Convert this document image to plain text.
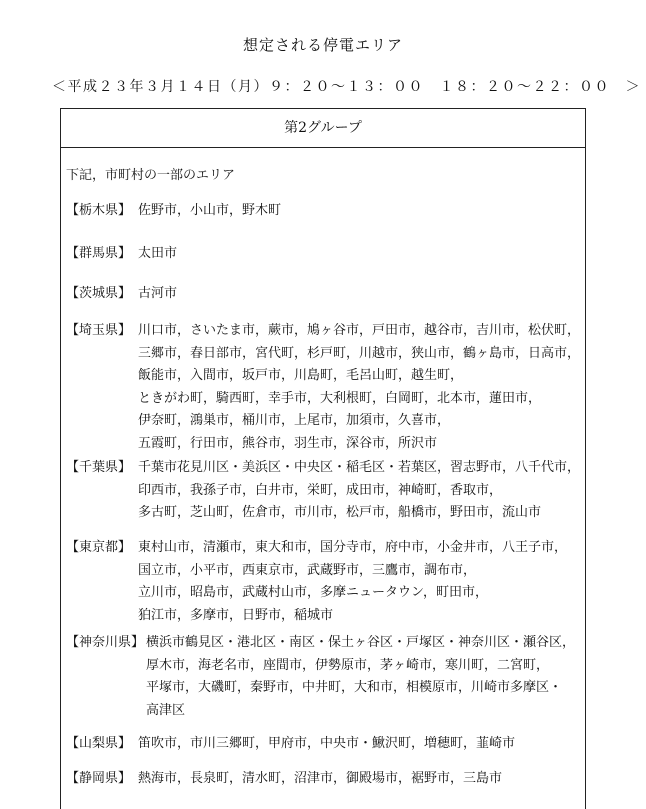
想定される停電エリア
＜平成２３年３月１４日（月）９：２０〜１３：００　１８：２０〜２２：００　＞
第2グループ
下記，市町村の一部のエリア
【栃木県】 佐野市，小山市，野木町
【群馬県】 太田市
【茨城県】 古河市
【埼玉県】 川口市，さいたま市，蕨市，鳩ヶ谷市，戸田市，越谷市，吉川市，松伏町，
三郷市，春日部市，宮代町，杉戸町，川越市，狭山市，鶴ヶ島市，日高市，
飯能市，入間市，坂戸市，川島町，毛呂山町，越生町，
ときがわ町，騎西町，幸手市，大利根町，白岡町，北本市，蓮田市，
伊奈町，鴻巣市，桶川市，上尾市，加須市，久喜市，
五霞町，行田市，熊谷市，羽生市，深谷市，所沢市
【千葉県】 千葉市花見川区・美浜区・中央区・稲毛区・若葉区，習志野市，八千代市，
印西市，我孫子市，白井市，栄町，成田市，神崎町，香取市，
多古町，芝山町，佐倉市，市川市，松戸市，船橋市，野田市，流山市
【東京都】 東村山市，清瀬市，東大和市，国分寺市，府中市，小金井市，八王子市，
国立市，小平市，西東京市，武蔵野市，三鷹市，調布市，
立川市，昭島市，武蔵村山市，多摩ニュータウン，町田市，
狛江市，多摩市，日野市，稲城市
【神奈川県】 横浜市鶴見区・港北区・南区・保土ヶ谷区・戸塚区・神奈川区・瀬谷区，
厚木市，海老名市，座間市，伊勢原市，茅ヶ崎市，寒川町，二宮町，
平塚市，大磯町，秦野市，中井町，大和市，相模原市，川崎市多摩区・
高津区
【山梨県】 笛吹市，市川三郷町，甲府市，中央市・鰍沢町，増穂町，韮崎市
【静岡県】 熱海市，長泉町，清水町，沼津市，御殿場市，裾野市，三島市
